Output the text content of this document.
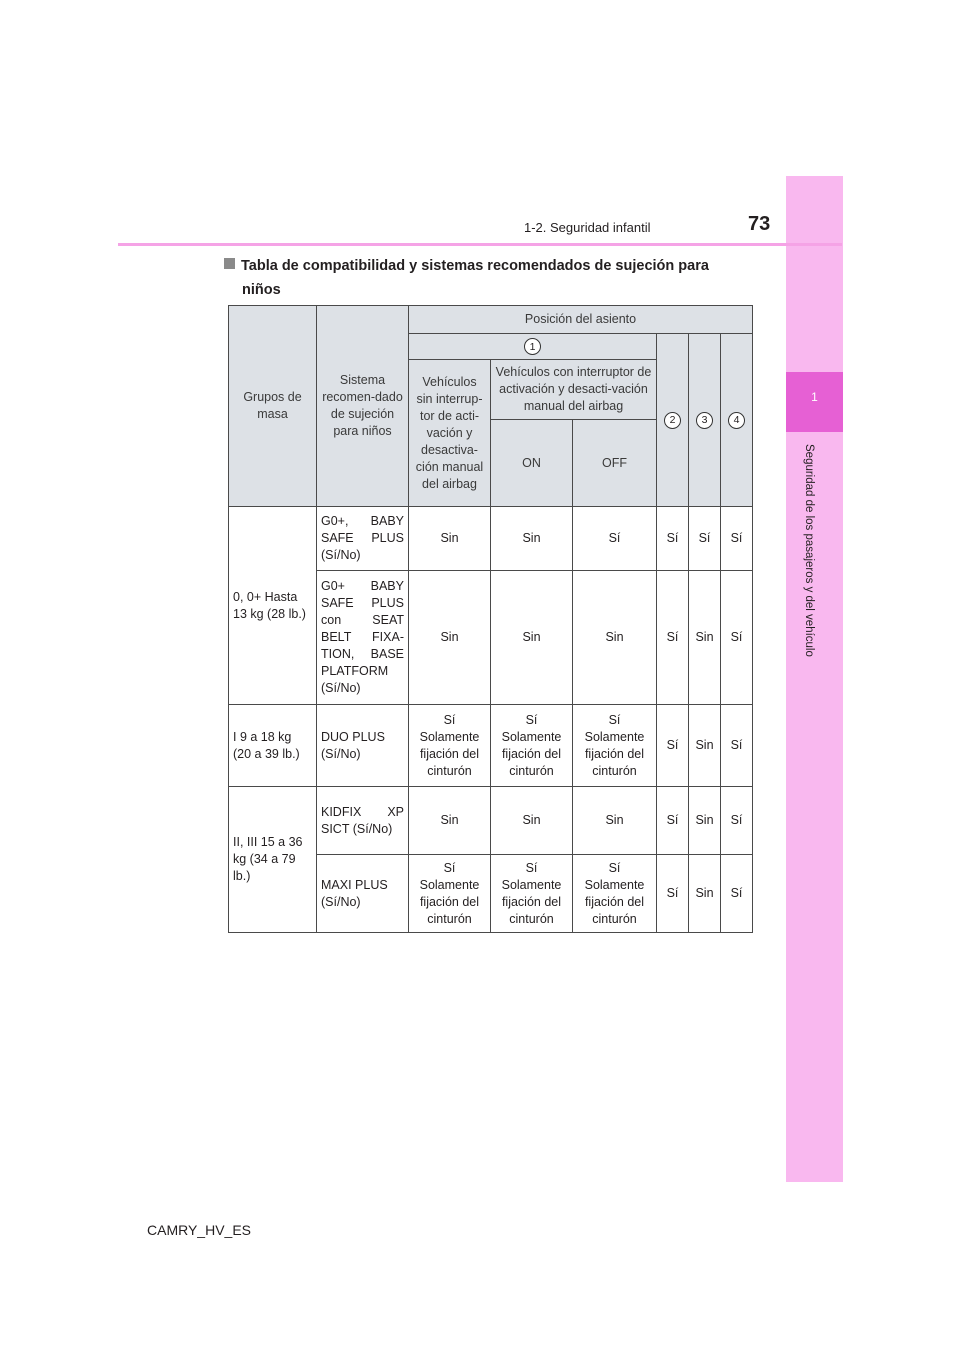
1
Seguridad de los pasajeros y del vehículo
73
1-2. Seguridad infantil
Tabla de compatibilidad y sistemas recomendados de sujeción para
niños
Grupos de masa	Sistema recomen-dado de sujeción para niños	Posición del asiento					
		1			2	3	4
		Vehículos sin interrup-tor de acti-vación y desactiva-ción manual del airbag	Vehículos con interruptor de activación y desacti-vación manual del airbag				
			ON	OFF			
0, 0+ Hasta 13 kg (28 lb.)	G0+, BABY SAFE PLUS (Sí/No)	Sin	Sin	Sí	Sí	Sí	Sí
	G0+ BABY SAFE PLUS con SEAT BELT FIXA-TION, BASE PLATFORM (Sí/No)	Sin	Sin	Sin	Sí	Sin	Sí
I 9 a 18 kg (20 a 39 lb.)	DUO PLUS (Sí/No)	Sí Solamente fijación del cinturón	Sí Solamente fijación del cinturón	Sí Solamente fijación del cinturón	Sí	Sin	Sí
II, III 15 a 36 kg (34 a 79 lb.)	KIDFIX XP SICT (Sí/No)	Sin	Sin	Sin	Sí	Sin	Sí
	MAXI PLUS (Sí/No)	Sí Solamente fijación del cinturón	Sí Solamente fijación del cinturón	Sí Solamente fijación del cinturón	Sí	Sin	Sí
CAMRY_HV_ES
